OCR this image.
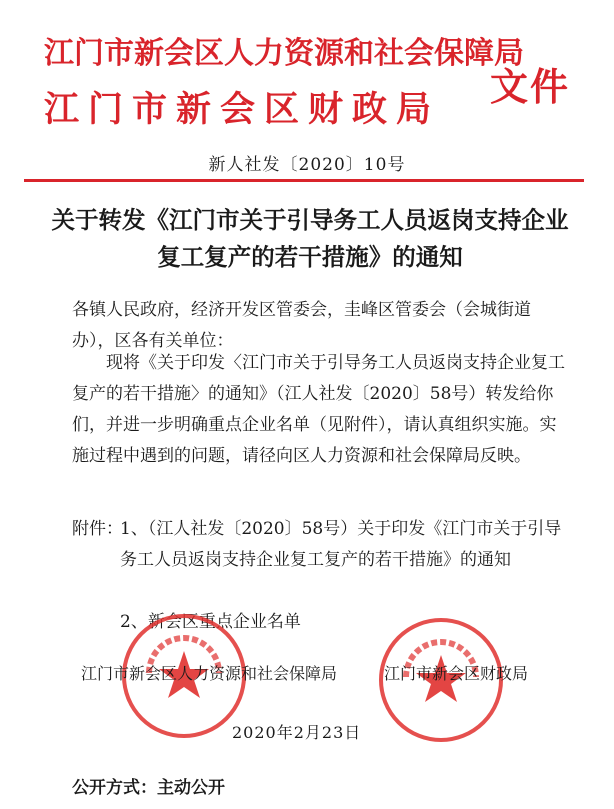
江门市新会区人力资源和社会保障局
江门市新会区财政局
文件
新人社发〔2020〕10号
关于转发《江门市关于引导务工人员返岗支持企业复工复产的若干措施》的通知
各镇人民政府，经济开发区管委会，圭峰区管委会（会城街道办），区各有关单位：
现将《关于印发〈江门市关于引导务工人员返岗支持企业复工复产的若干措施〉的通知》（江人社发〔2020〕58号）转发给你们，并进一步明确重点企业名单（见附件），请认真组织实施。实施过程中遇到的问题，请径向区人力资源和社会保障局反映。
附件：
1、（江人社发〔2020〕58号）关于印发《江门市关于引导务工人员返岗支持企业复工复产的若干措施》的通知
2、新会区重点企业名单
江门市新会区人力资源和社会保障局	江门市新会区财政局
2020年2月23日
公开方式：主动公开
